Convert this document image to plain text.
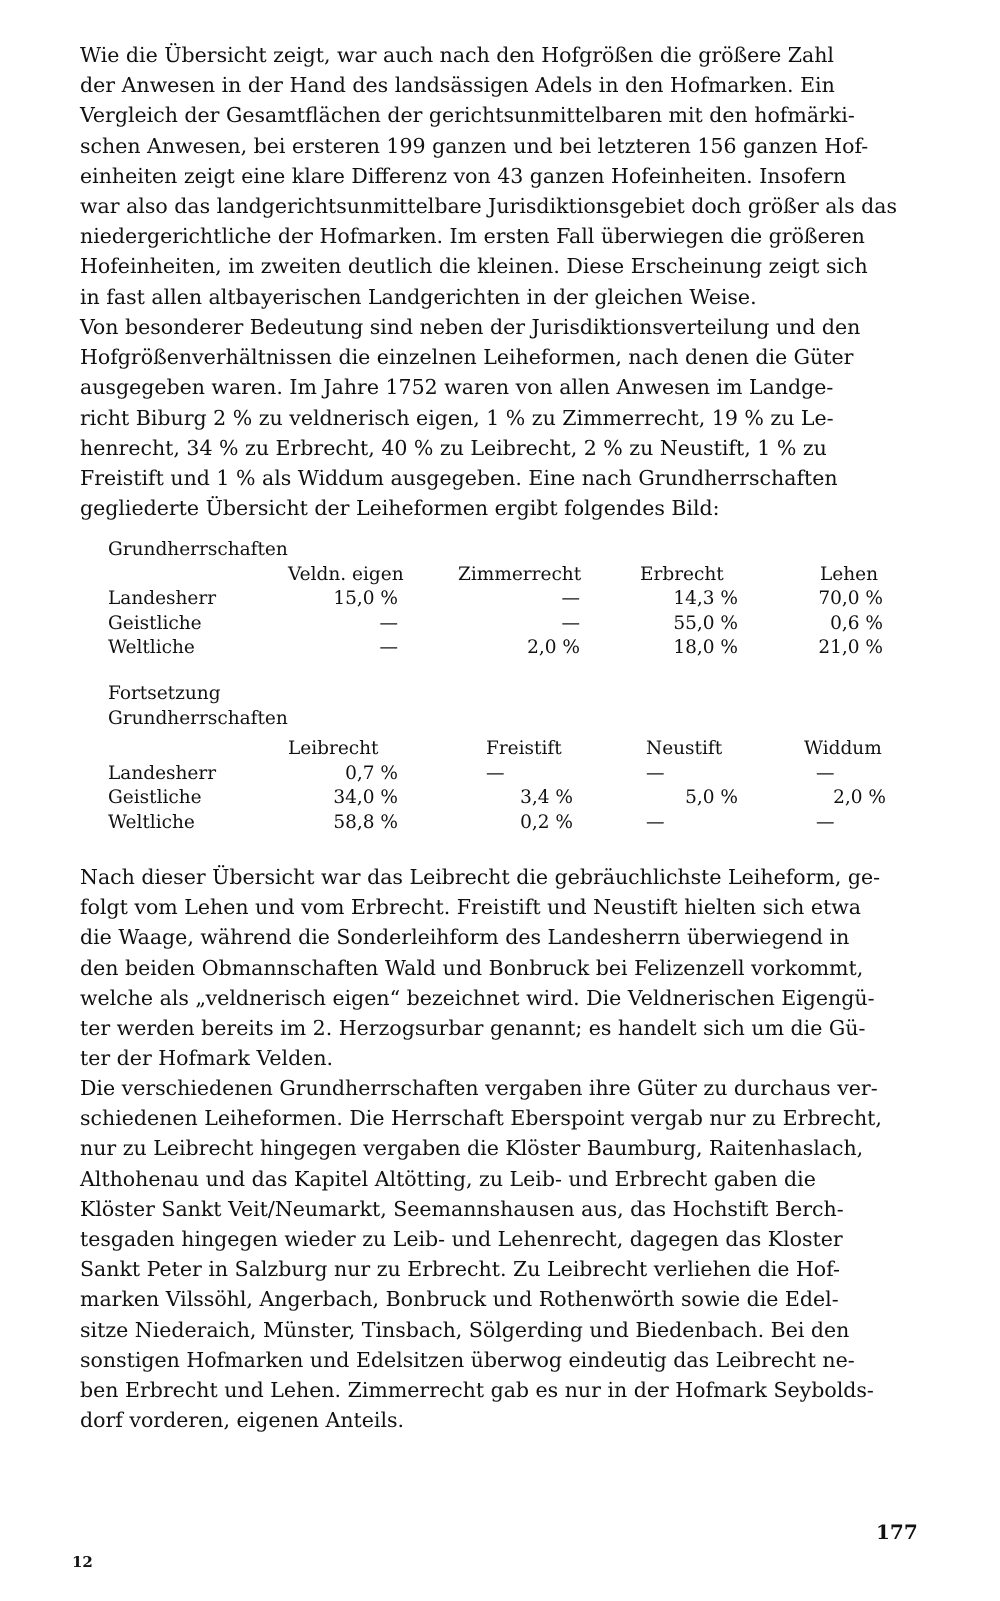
Wie die Übersicht zeigt, war auch nach den Hofgrößen die größere Zahl
der Anwesen in der Hand des landsässigen Adels in den Hofmarken. Ein
Vergleich der Gesamtflächen der gerichtsunmittelbaren mit den hofmärki-
schen Anwesen, bei ersteren 199 ganzen und bei letzteren 156 ganzen Hof-
einheiten zeigt eine klare Differenz von 43 ganzen Hofeinheiten. Insofern
war also das landgerichtsunmittelbare Jurisdiktionsgebiet doch größer als das
niedergerichtliche der Hofmarken. Im ersten Fall überwiegen die größeren
Hofeinheiten, im zweiten deutlich die kleinen. Diese Erscheinung zeigt sich
in fast allen altbayerischen Landgerichten in der gleichen Weise.

Von besonderer Bedeutung sind neben der Jurisdiktionsverteilung und den
Hofgrößenverhältnissen die einzelnen Leiheformen, nach denen die Güter
ausgegeben waren. Im Jahre 1752 waren von allen Anwesen im Landge-
richt Biburg 2 % zu veldnerisch eigen, 1 % zu Zimmerrecht, 19 % zu Le-
henrecht, 34 % zu Erbrecht, 40 % zu Leibrecht, 2 % zu Neustift, 1 % zu
Freistift und 1 % als Widdum ausgegeben. Eine nach Grundherrschaften
gegliederte Übersicht der Leiheformen ergibt folgendes Bild:

Grundherrschaften
Veldn. eigen	Zimmerrecht	Erbrecht	Lehen
Landesherr	15,0 %	—	14,3 %	70,0 %
Geistliche	—	—	55,0 %	0,6 %
Weltliche	—	2,0 %	18,0 %	21,0 %
Fortsetzung
Grundherrschaften
Leibrecht	Freistift	Neustift	Widdum
Landesherr	0,7 %	—	—	—
Geistliche	34,0 %	3,4 %	5,0 %	2,0 %
Weltliche	58,8 %	0,2 %	—	—

Nach dieser Übersicht war das Leibrecht die gebräuchlichste Leiheform, ge-
folgt vom Lehen und vom Erbrecht. Freistift und Neustift hielten sich etwa
die Waage, während die Sonderleihform des Landesherrn überwiegend in
den beiden Obmannschaften Wald und Bonbruck bei Felizenzell vorkommt,
welche als „veldnerisch eigen“ bezeichnet wird. Die Veldnerischen Eigengü-
ter werden bereits im 2. Herzogsurbar genannt; es handelt sich um die Gü-
ter der Hofmark Velden.

Die verschiedenen Grundherrschaften vergaben ihre Güter zu durchaus ver-
schiedenen Leiheformen. Die Herrschaft Eberspoint vergab nur zu Erbrecht,
nur zu Leibrecht hingegen vergaben die Klöster Baumburg, Raitenhaslach,
Althohenau und das Kapitel Altötting, zu Leib- und Erbrecht gaben die
Klöster Sankt Veit/Neumarkt, Seemannshausen aus, das Hochstift Berch-
tesgaden hingegen wieder zu Leib- und Lehenrecht, dagegen das Kloster
Sankt Peter in Salzburg nur zu Erbrecht. Zu Leibrecht verliehen die Hof-
marken Vilssöhl, Angerbach, Bonbruck und Rothenwörth sowie die Edel-
sitze Niederaich, Münster, Tinsbach, Sölgerding und Biedenbach. Bei den
sonstigen Hofmarken und Edelsitzen überwog eindeutig das Leibrecht ne-
ben Erbrecht und Lehen. Zimmerrecht gab es nur in der Hofmark Seybolds-
dorf vorderen, eigenen Anteils.

177
12
